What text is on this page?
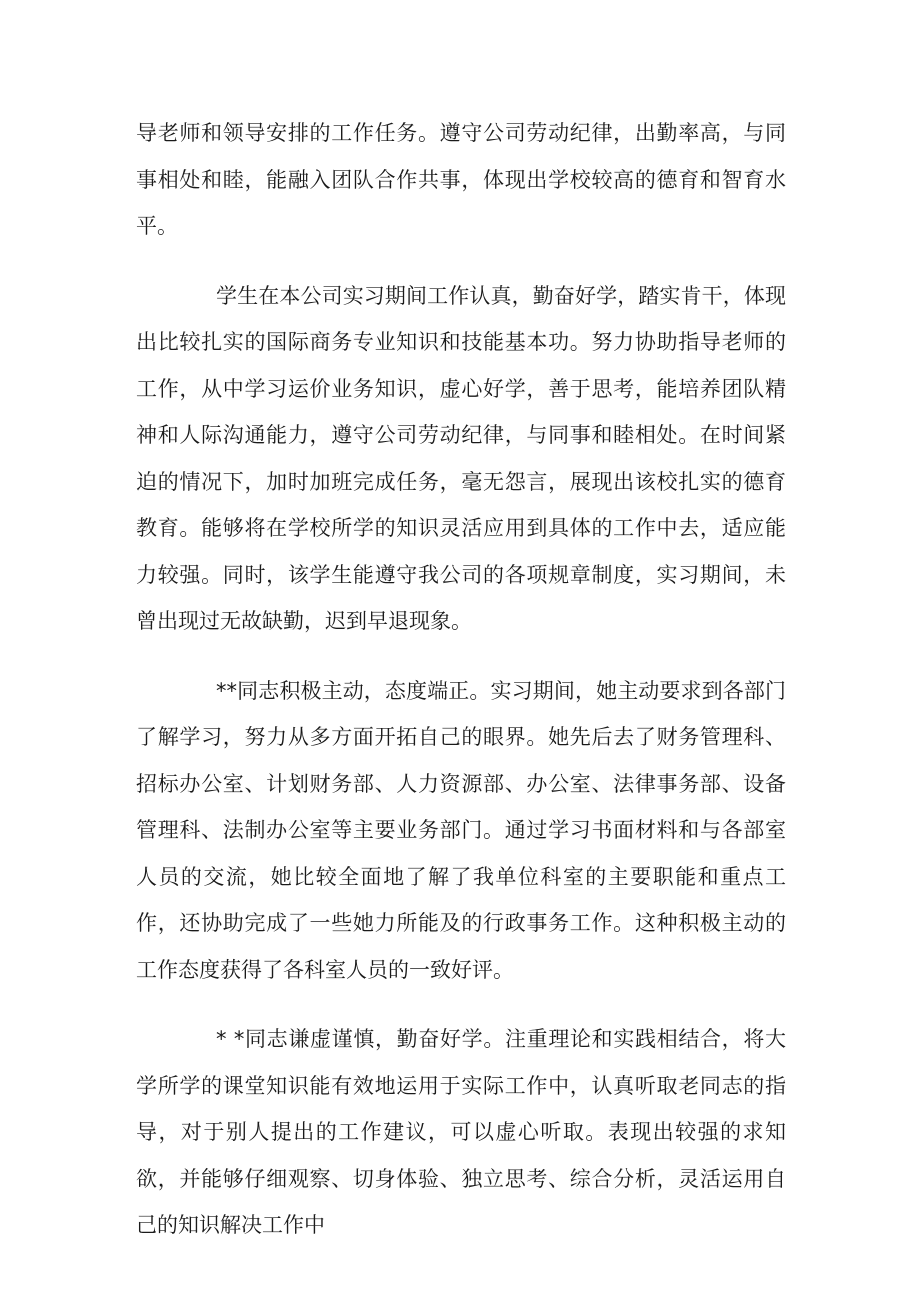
导老师和领导安排的工作任务。遵守公司劳动纪律，出勤率高，与同事相处和睦，能融入团队合作共事，体现出学校较高的德育和智育水平。

学生在本公司实习期间工作认真，勤奋好学，踏实肯干，体现出比较扎实的国际商务专业知识和技能基本功。努力协助指导老师的工作，从中学习运价业务知识，虚心好学，善于思考，能培养团队精神和人际沟通能力，遵守公司劳动纪律，与同事和睦相处。在时间紧迫的情况下，加时加班完成任务，毫无怨言，展现出该校扎实的德育教育。能够将在学校所学的知识灵活应用到具体的工作中去，适应能力较强。同时，该学生能遵守我公司的各项规章制度，实习期间，未曾出现过无故缺勤，迟到早退现象。

**同志积极主动，态度端正。实习期间，她主动要求到各部门了解学习，努力从多方面开拓自己的眼界。她先后去了财务管理科、招标办公室、计划财务部、人力资源部、办公室、法律事务部、设备管理科、法制办公室等主要业务部门。通过学习书面材料和与各部室人员的交流，她比较全面地了解了我单位科室的主要职能和重点工作，还协助完成了一些她力所能及的行政事务工作。这种积极主动的工作态度获得了各科室人员的一致好评。

* *同志谦虚谨慎，勤奋好学。注重理论和实践相结合，将大学所学的课堂知识能有效地运用于实际工作中，认真听取老同志的指导，对于别人提出的工作建议，可以虚心听取。表现出较强的求知欲，并能够仔细观察、切身体验、独立思考、综合分析，灵活运用自己的知识解决工作中
